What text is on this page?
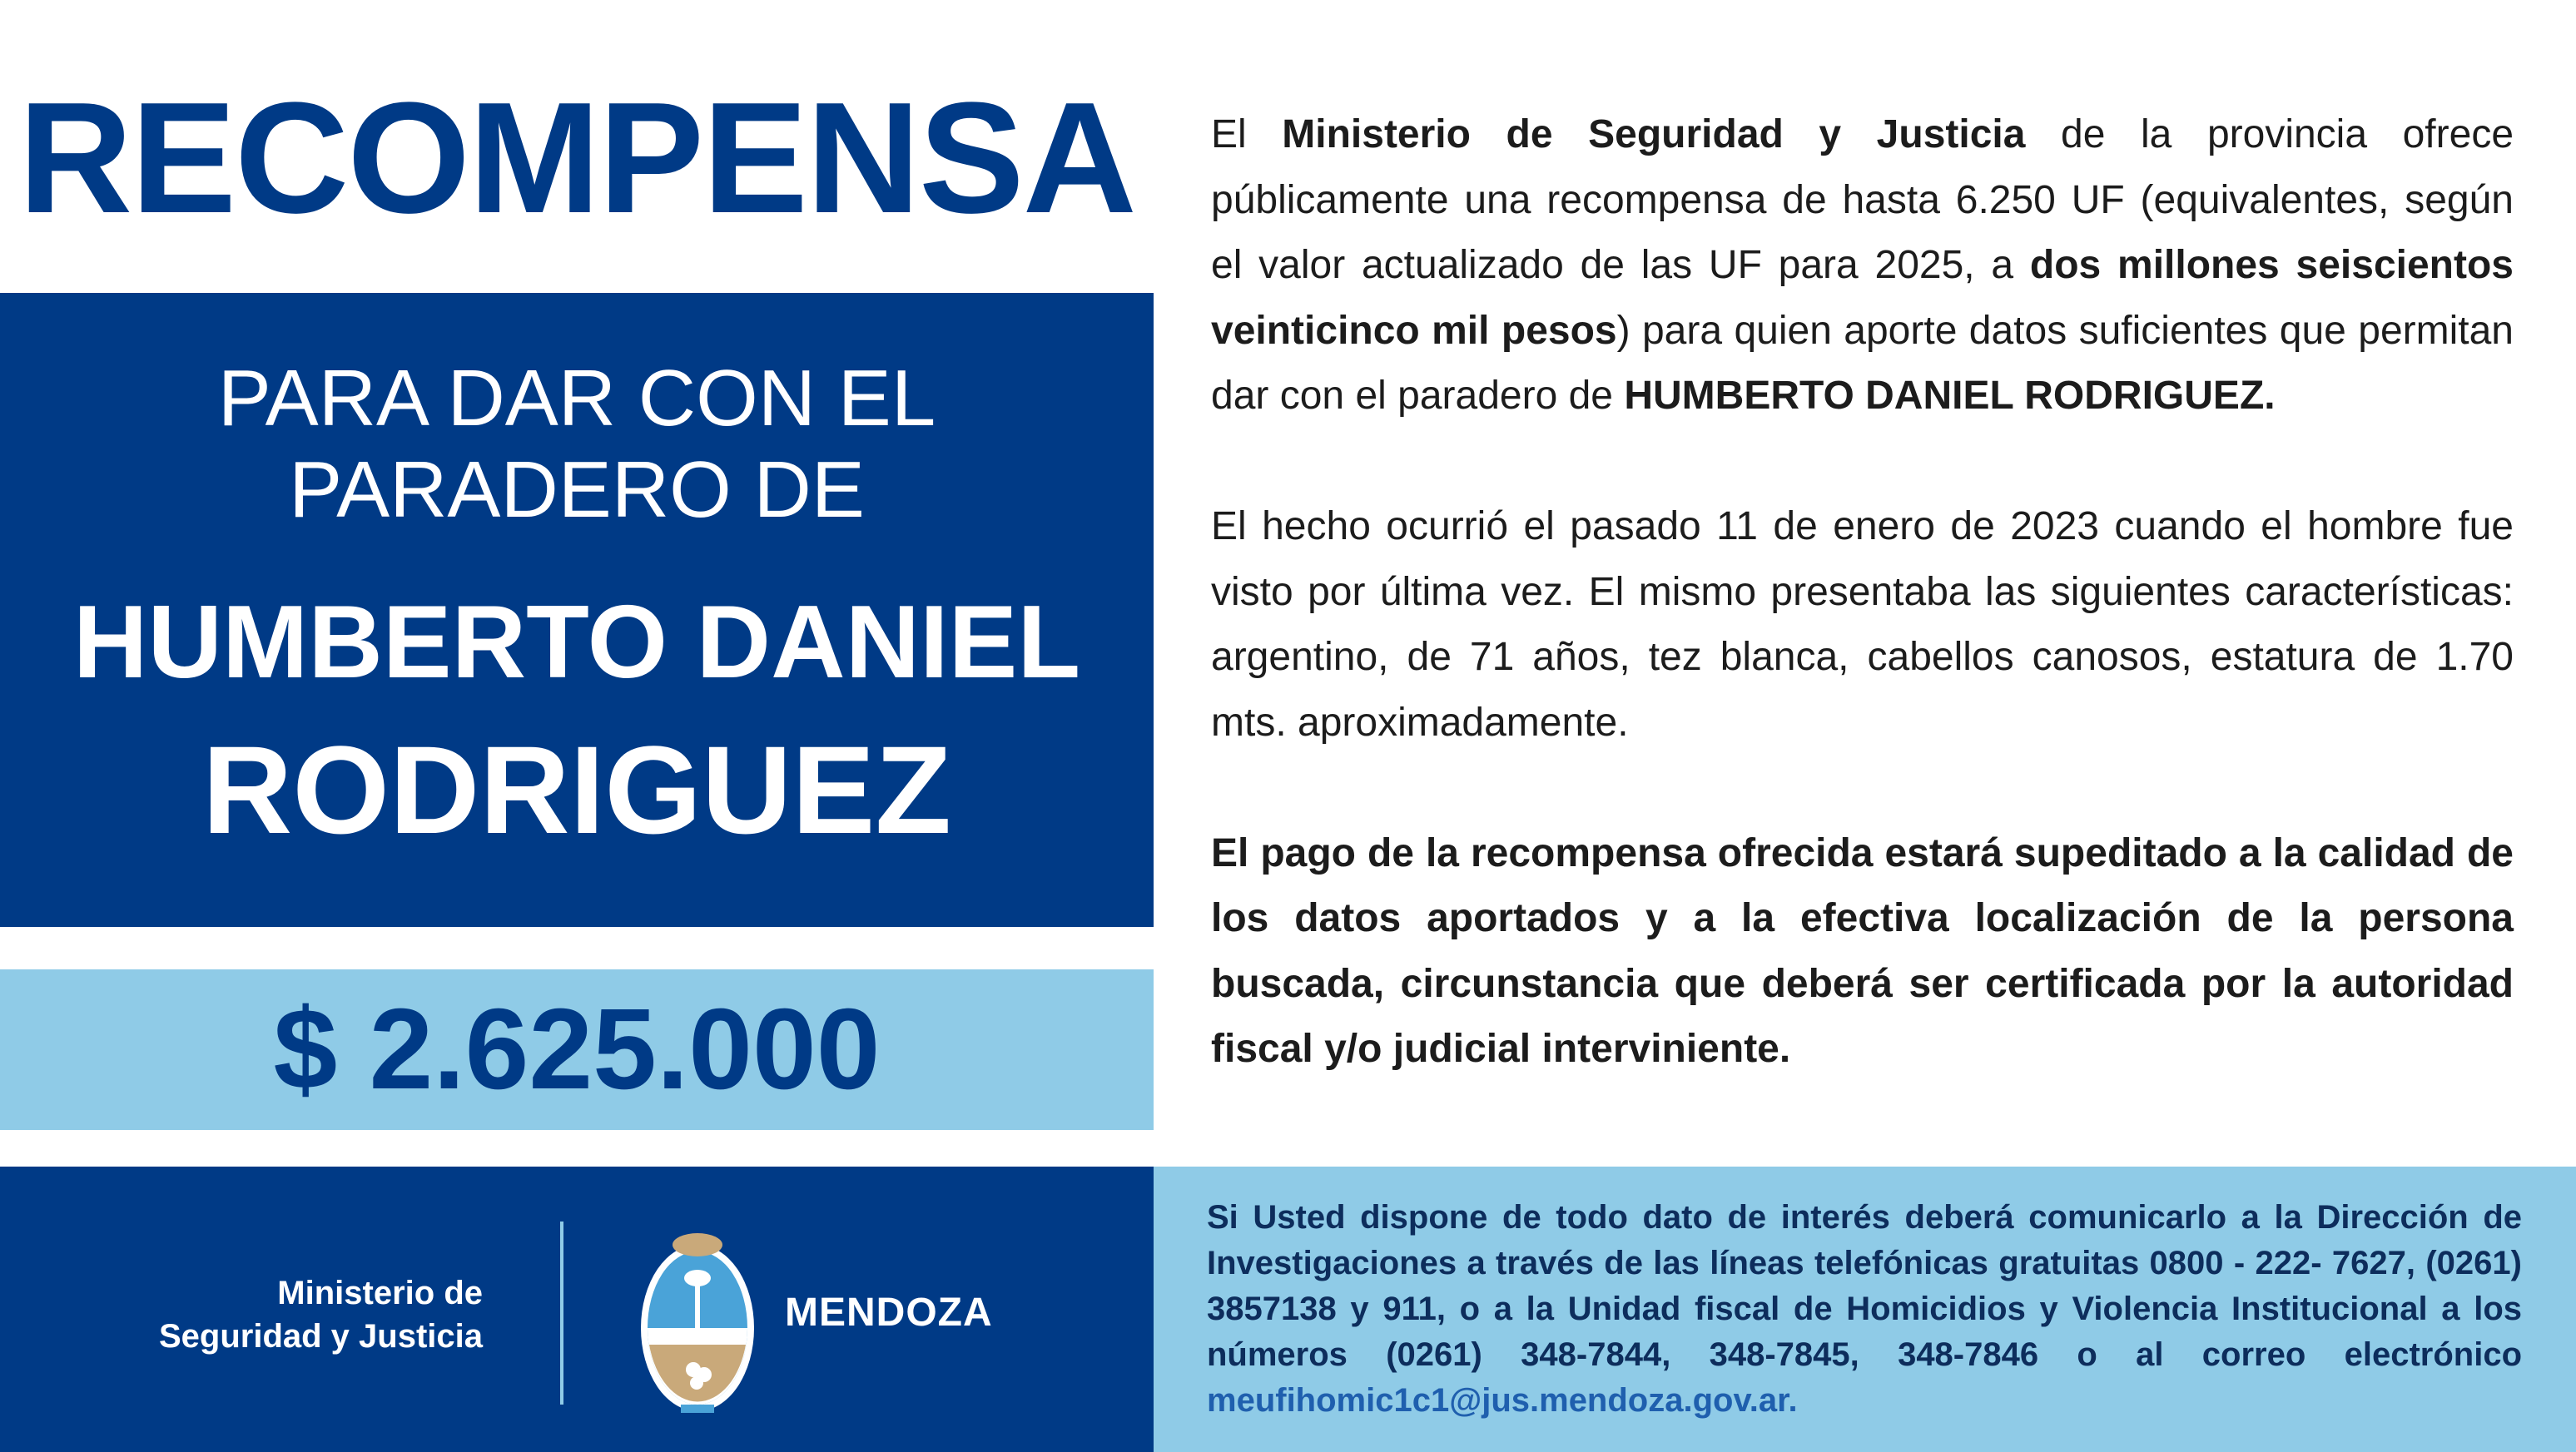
RECOMPENSA
PARA DAR CON EL
PARADERO DE
HUMBERTO DANIEL
RODRIGUEZ
$ 2.625.000

El Ministerio de Seguridad y Justicia de la provincia ofrece públicamente una recompensa de hasta 6.250 UF (equivalentes, según el valor actualizado de las UF para 2025, a dos millones seiscientos veinticinco mil pesos) para quien aporte datos suficientes que permitan dar con el paradero de HUMBERTO DANIEL RODRIGUEZ.

El hecho ocurrió el pasado 11 de enero de 2023 cuando el hombre fue visto por última vez. El mismo presentaba las siguientes características: argentino, de 71 años, tez blanca, cabellos canosos, estatura de 1.70 mts. aproximadamente.

El pago de la recompensa ofrecida estará supeditado a la calidad de los datos aportados y a la efectiva localización de la persona buscada, circunstancia que deberá ser certificada por la autoridad fiscal y/o judicial interviniente.

Ministerio de
Seguridad y Justicia
MENDOZA
Si Usted dispone de todo dato de interés deberá comunicarlo a la Dirección de Investigaciones a través de las líneas telefónicas gratuitas 0800 - 222- 7627, (0261) 3857138 y 911, o a la Unidad fiscal de Homicidios y Violencia Institucional a los números (0261) 348-7844, 348-7845, 348-7846 o al correo electrónico meufihomic1c1@jus.mendoza.gov.ar.
